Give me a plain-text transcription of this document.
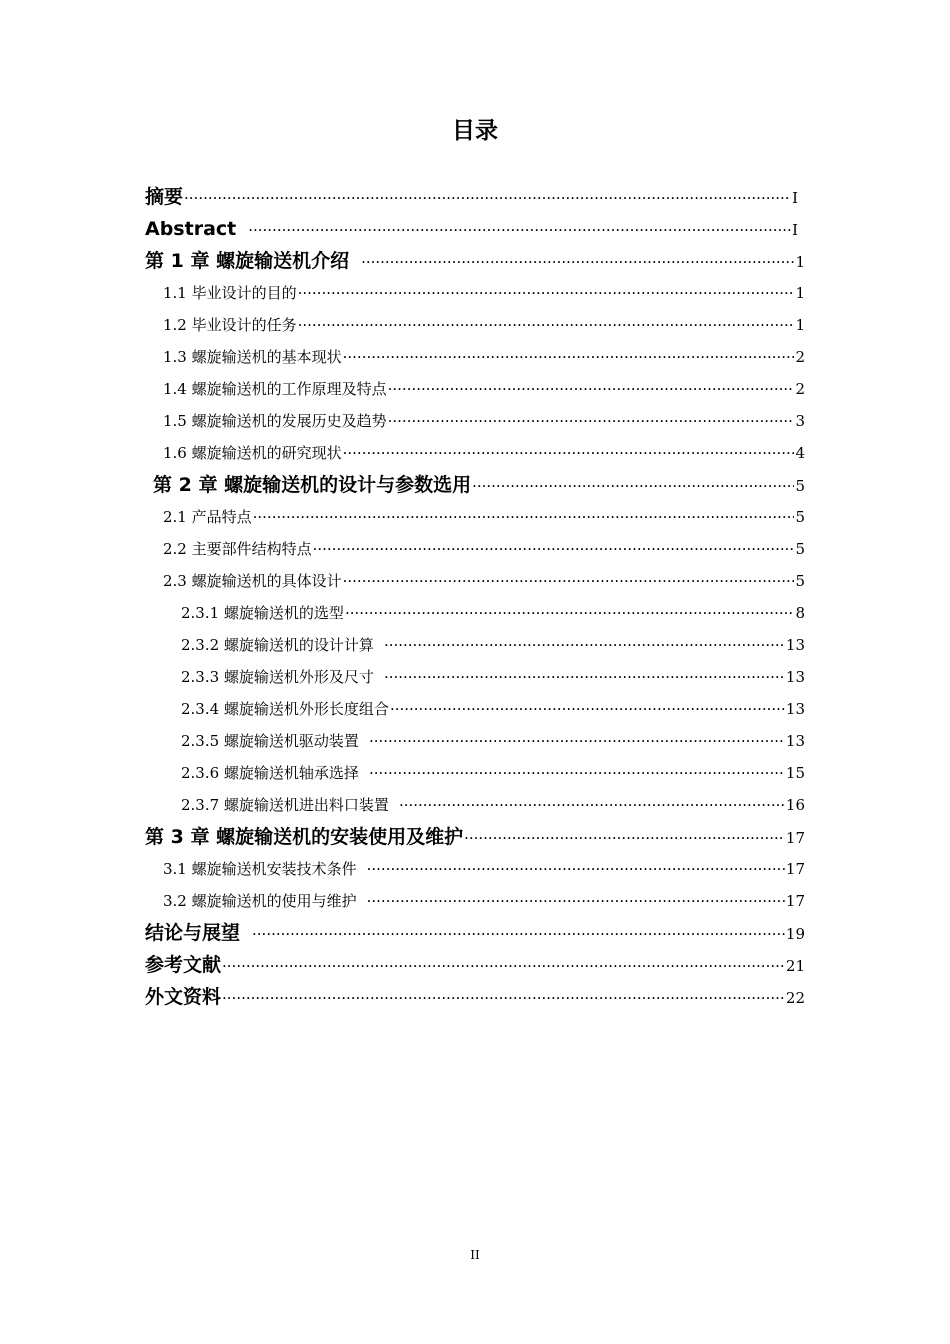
目录
摘要 ·····	I
Abstract ·····	I
第 1 章 螺旋输送机介绍 ·····	1
1.1 毕业设计的目的 ·····	1
1.2 毕业设计的任务 ·····	1
1.3 螺旋输送机的基本现状 ·····	2
1.4 螺旋输送机的工作原理及特点 ·····	2
1.5 螺旋输送机的发展历史及趋势 ·····	3
1.6 螺旋输送机的研究现状 ·····	4
第 2 章 螺旋输送机的设计与参数选用 ·····	5
2.1 产品特点 ·····	5
2.2 主要部件结构特点 ·····	5
2.3 螺旋输送机的具体设计 ·····	5
2.3.1 螺旋输送机的选型 ·····	8
2.3.2 螺旋输送机的设计计算 ·····	13
2.3.3 螺旋输送机外形及尺寸 ·····	13
2.3.4 螺旋输送机外形长度组合 ·····	13
2.3.5 螺旋输送机驱动装置 ·····	13
2.3.6 螺旋输送机轴承选择 ·····	15
2.3.7 螺旋输送机进出料口装置 ·····	16
第 3 章 螺旋输送机的安装使用及维护 ·····	17
3.1 螺旋输送机安装技术条件 ·····	17
3.2 螺旋输送机的使用与维护 ·····	17
结论与展望 ·····	19
参考文献 ·····	21
外文资料 ·····	22
II
